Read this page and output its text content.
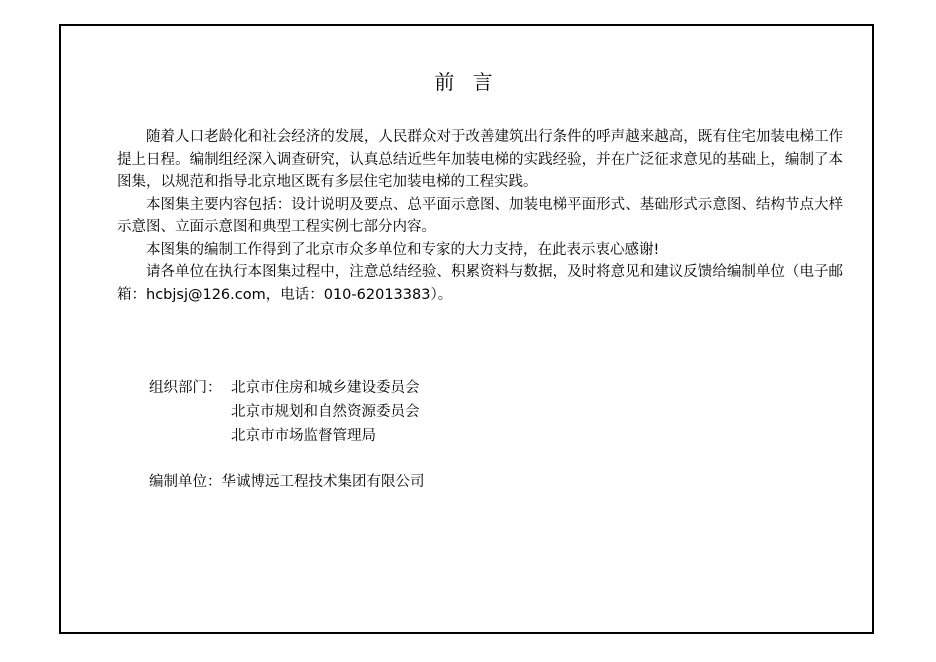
前 言

随着人口老龄化和社会经济的发展，人民群众对于改善建筑出行条件的呼声越来越高，既有住宅加装电梯工作提上日程。编制组经深入调查研究，认真总结近些年加装电梯的实践经验，并在广泛征求意见的基础上，编制了本图集，以规范和指导北京地区既有多层住宅加装电梯的工程实践。

本图集主要内容包括：设计说明及要点、总平面示意图、加装电梯平面形式、基础形式示意图、结构节点大样示意图、立面示意图和典型工程实例七部分内容。

本图集的编制工作得到了北京市众多单位和专家的大力支持，在此表示衷心感谢!

请各单位在执行本图集过程中，注意总结经验、积累资料与数据，及时将意见和建议反馈给编制单位（电子邮箱：hcbjsj@126.com，电话：010-62013383）。

组织部门： 北京市住房和城乡建设委员会
北京市规划和自然资源委员会
北京市市场监督管理局
编制单位：华诚博远工程技术集团有限公司
